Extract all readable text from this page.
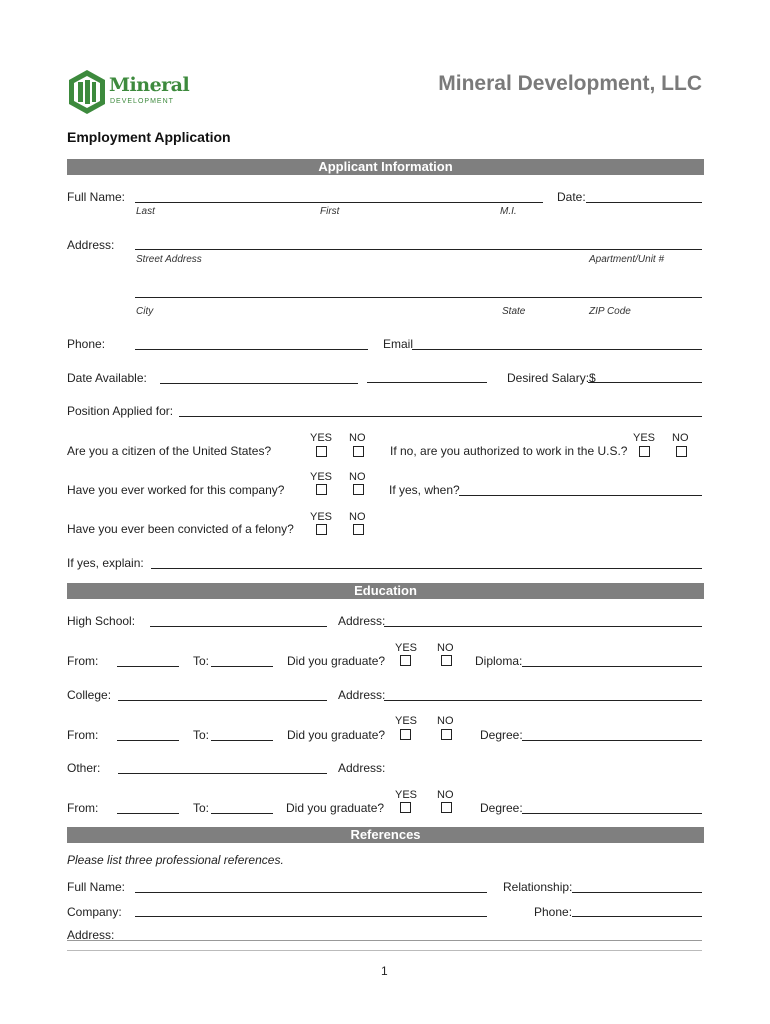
Mineral
DEVELOPMENT
Mineral Development, LLC
Employment Application
Applicant Information
Full Name:	Date:
Last	First	M.I.
Address:
Street Address	Apartment/Unit #
City	State	ZIP Code
Phone:	Email
Date Available:	Desired Salary:$
Position Applied for:
YES NO
Are you a citizen of the United States?
YES NO
If no, are you authorized to work in the U.S.?
YES NO
Have you ever worked for this company?	If yes, when?
YES NO
Have you ever been convicted of a felony?
If yes, explain:
Education
High School:	Address:
YES NO
From:	To:	Did you graduate?	Diploma:
College:	Address:
YES NO
From:	To:	Did you graduate?	Degree:
Other:	Address:
YES NO
From:	To:	Did you graduate?	Degree:
References
Please list three professional references.
Full Name:	Relationship:
Company:	Phone:
Address:
1
